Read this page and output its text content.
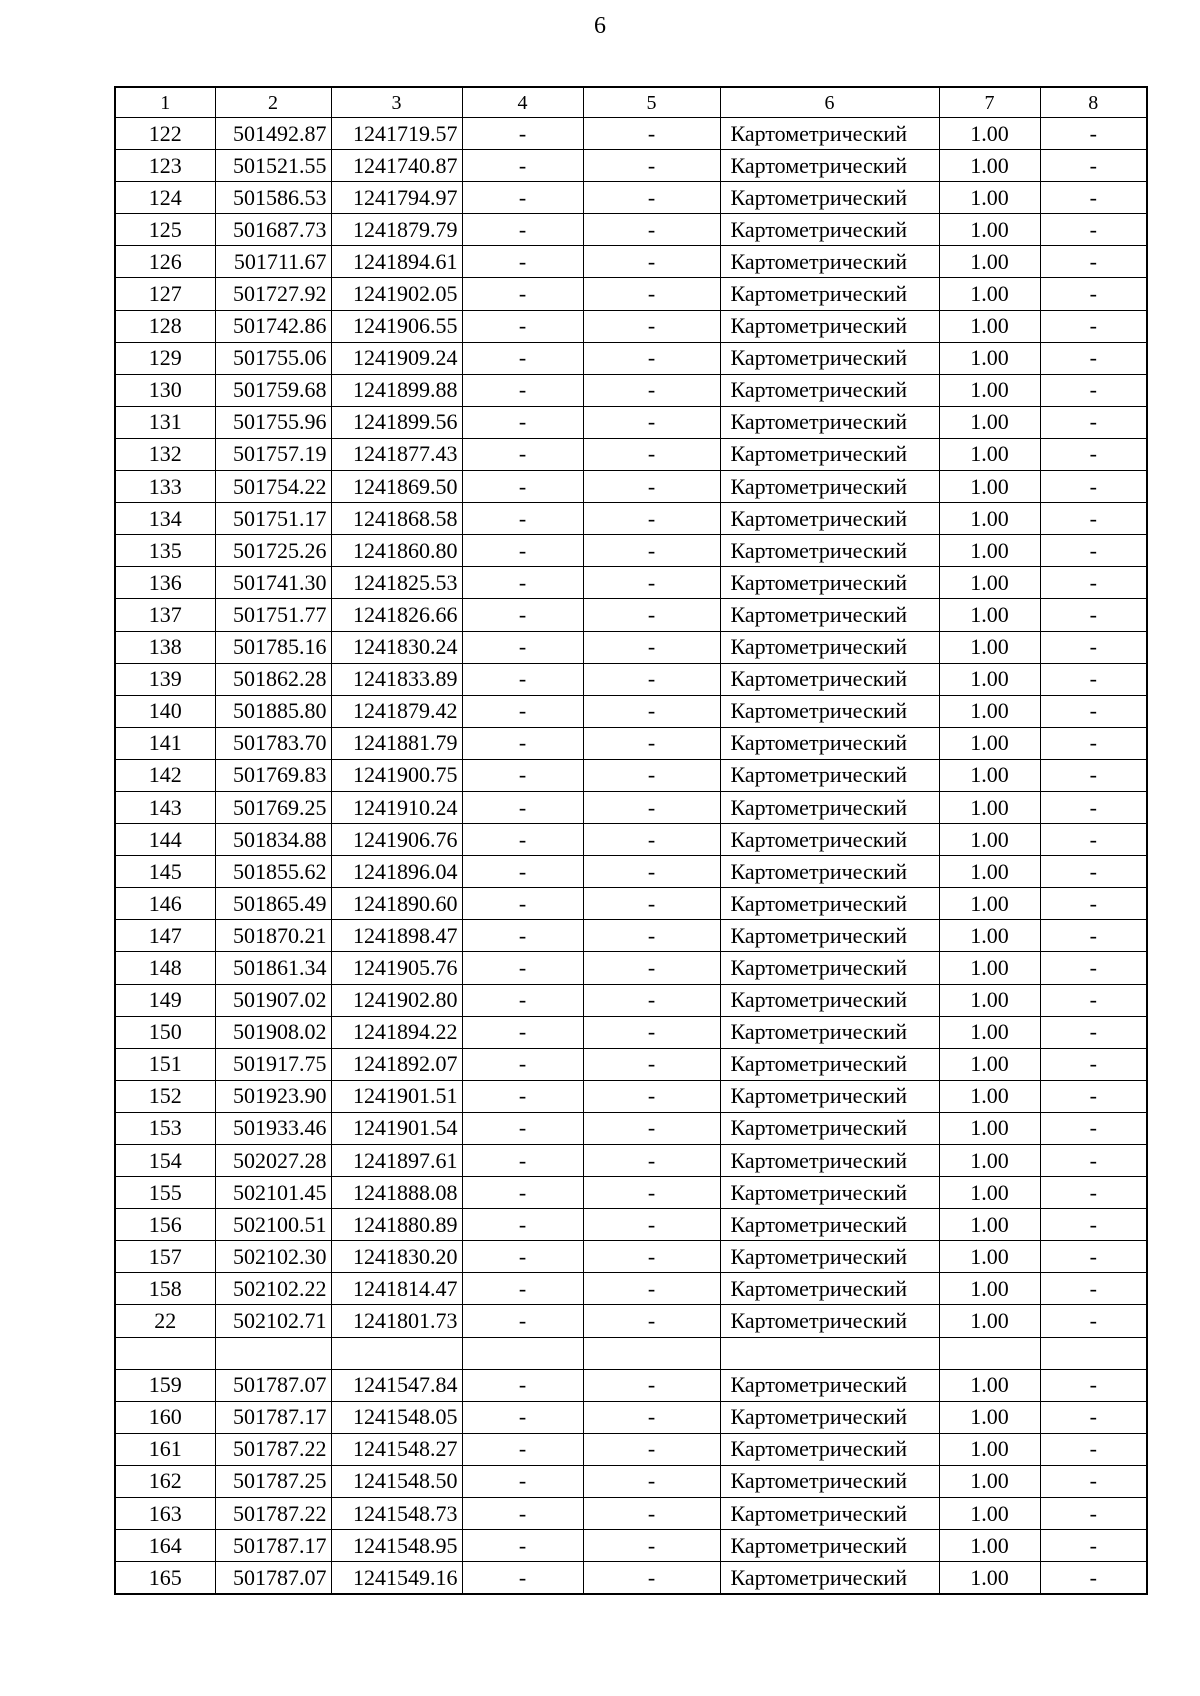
6
1	2	3	4	5	6	7	8
122	501492.87	1241719.57	-	-	Картометрический	1.00	-
123	501521.55	1241740.87	-	-	Картометрический	1.00	-
124	501586.53	1241794.97	-	-	Картометрический	1.00	-
125	501687.73	1241879.79	-	-	Картометрический	1.00	-
126	501711.67	1241894.61	-	-	Картометрический	1.00	-
127	501727.92	1241902.05	-	-	Картометрический	1.00	-
128	501742.86	1241906.55	-	-	Картометрический	1.00	-
129	501755.06	1241909.24	-	-	Картометрический	1.00	-
130	501759.68	1241899.88	-	-	Картометрический	1.00	-
131	501755.96	1241899.56	-	-	Картометрический	1.00	-
132	501757.19	1241877.43	-	-	Картометрический	1.00	-
133	501754.22	1241869.50	-	-	Картометрический	1.00	-
134	501751.17	1241868.58	-	-	Картометрический	1.00	-
135	501725.26	1241860.80	-	-	Картометрический	1.00	-
136	501741.30	1241825.53	-	-	Картометрический	1.00	-
137	501751.77	1241826.66	-	-	Картометрический	1.00	-
138	501785.16	1241830.24	-	-	Картометрический	1.00	-
139	501862.28	1241833.89	-	-	Картометрический	1.00	-
140	501885.80	1241879.42	-	-	Картометрический	1.00	-
141	501783.70	1241881.79	-	-	Картометрический	1.00	-
142	501769.83	1241900.75	-	-	Картометрический	1.00	-
143	501769.25	1241910.24	-	-	Картометрический	1.00	-
144	501834.88	1241906.76	-	-	Картометрический	1.00	-
145	501855.62	1241896.04	-	-	Картометрический	1.00	-
146	501865.49	1241890.60	-	-	Картометрический	1.00	-
147	501870.21	1241898.47	-	-	Картометрический	1.00	-
148	501861.34	1241905.76	-	-	Картометрический	1.00	-
149	501907.02	1241902.80	-	-	Картометрический	1.00	-
150	501908.02	1241894.22	-	-	Картометрический	1.00	-
151	501917.75	1241892.07	-	-	Картометрический	1.00	-
152	501923.90	1241901.51	-	-	Картометрический	1.00	-
153	501933.46	1241901.54	-	-	Картометрический	1.00	-
154	502027.28	1241897.61	-	-	Картометрический	1.00	-
155	502101.45	1241888.08	-	-	Картометрический	1.00	-
156	502100.51	1241880.89	-	-	Картометрический	1.00	-
157	502102.30	1241830.20	-	-	Картометрический	1.00	-
158	502102.22	1241814.47	-	-	Картометрический	1.00	-
22	502102.71	1241801.73	-	-	Картометрический	1.00	-

159	501787.07	1241547.84	-	-	Картометрический	1.00	-
160	501787.17	1241548.05	-	-	Картометрический	1.00	-
161	501787.22	1241548.27	-	-	Картометрический	1.00	-
162	501787.25	1241548.50	-	-	Картометрический	1.00	-
163	501787.22	1241548.73	-	-	Картометрический	1.00	-
164	501787.17	1241548.95	-	-	Картометрический	1.00	-
165	501787.07	1241549.16	-	-	Картометрический	1.00	-
